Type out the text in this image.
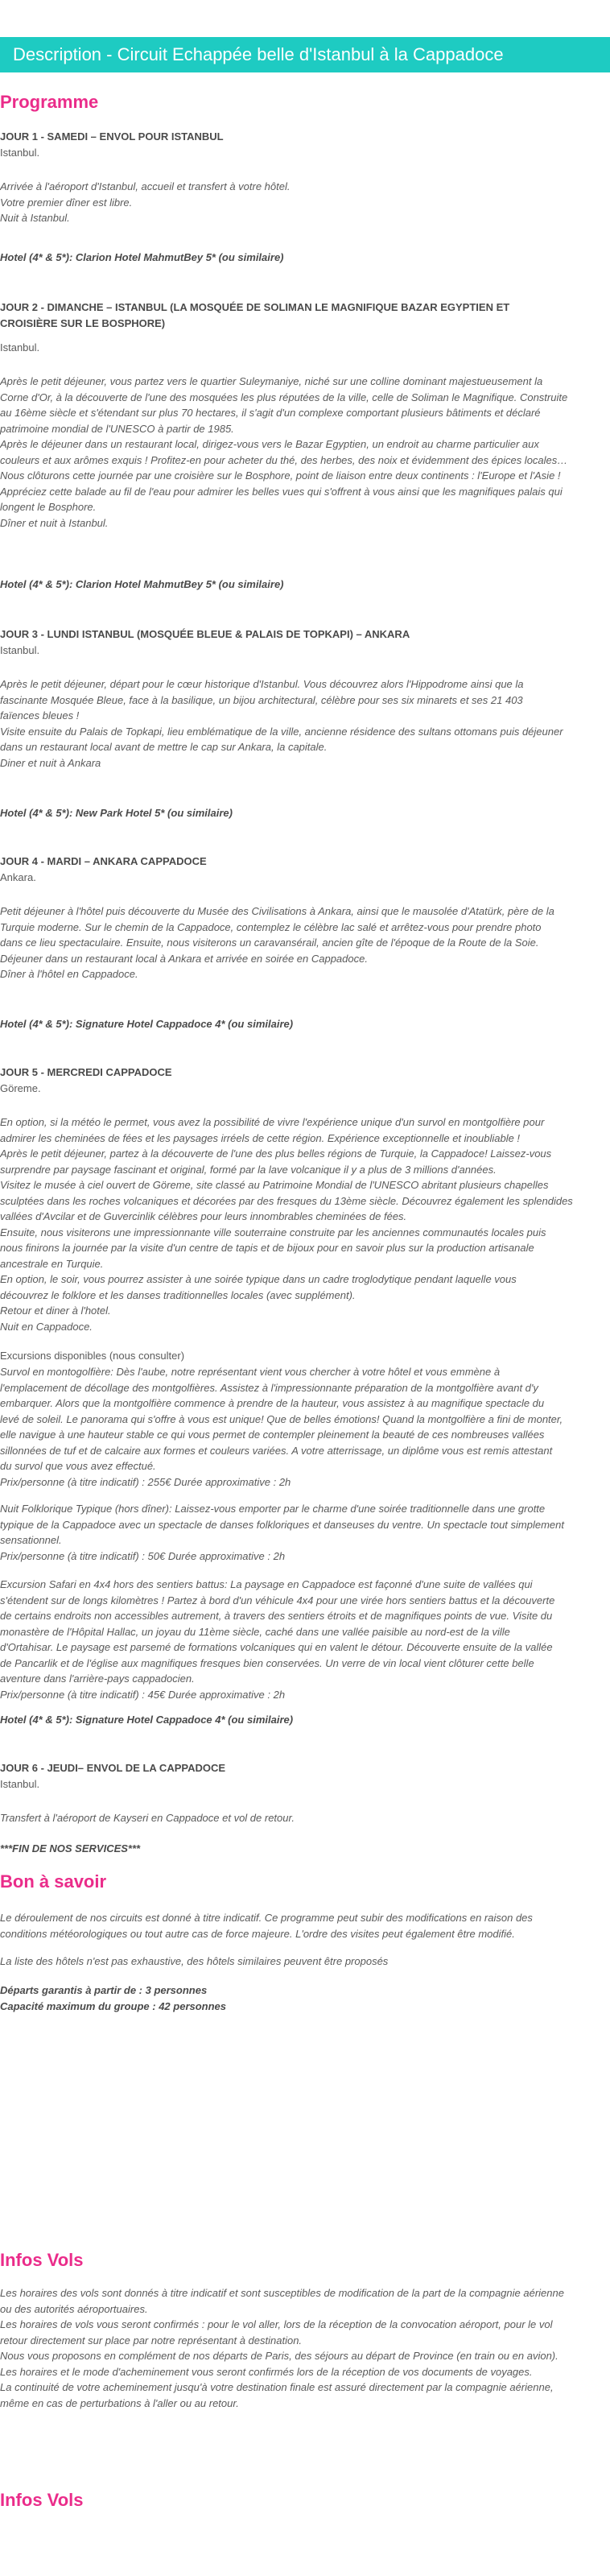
Description - Circuit Echappée belle d'Istanbul à la Cappadoce
Programme
JOUR 1 - SAMEDI – ENVOL POUR ISTANBUL
Istanbul.
Arrivée à l'aéroport d'Istanbul, accueil et transfert à votre hôtel.
Votre premier dîner est libre.
Nuit à Istanbul.
Hotel (4* & 5*): Clarion Hotel MahmutBey 5* (ou similaire)
JOUR 2 - DIMANCHE – ISTANBUL (LA MOSQUÉE DE SOLIMAN LE MAGNIFIQUE BAZAR EGYPTIEN ET
CROISIÈRE SUR LE BOSPHORE)
Istanbul.
Après le petit déjeuner, vous partez vers le quartier Suleymaniye, niché sur une colline dominant majestueusement la
Corne d'Or, à la découverte de l'une des mosquées les plus réputées de la ville, celle de Soliman le Magnifique. Construite
au 16ème siècle et s'étendant sur plus 70 hectares, il s'agit d'un complexe comportant plusieurs bâtiments et déclaré
patrimoine mondial de l'UNESCO à partir de 1985.
Après le déjeuner dans un restaurant local, dirigez-vous vers le Bazar Egyptien, un endroit au charme particulier aux
couleurs et aux arômes exquis ! Profitez-en pour acheter du thé, des herbes, des noix et évidemment des épices locales…
Nous clôturons cette journée par une croisière sur le Bosphore, point de liaison entre deux continents : l'Europe et l'Asie !
Appréciez cette balade au fil de l'eau pour admirer les belles vues qui s'offrent à vous ainsi que les magnifiques palais qui
longent le Bosphore.
Dîner et nuit à Istanbul.
Hotel (4* & 5*): Clarion Hotel MahmutBey 5* (ou similaire)
JOUR 3 - LUNDI ISTANBUL (MOSQUÉE BLEUE & PALAIS DE TOPKAPI) – ANKARA
Istanbul.
Après le petit déjeuner, départ pour le cœur historique d'Istanbul. Vous découvrez alors l'Hippodrome ainsi que la
fascinante Mosquée Bleue, face à la basilique, un bijou architectural, célèbre pour ses six minarets et ses 21 403
faïences bleues !
Visite ensuite du Palais de Topkapi, lieu emblématique de la ville, ancienne résidence des sultans ottomans puis déjeuner
dans un restaurant local avant de mettre le cap sur Ankara, la capitale.
Diner et nuit à Ankara
Hotel (4* & 5*): New Park Hotel 5* (ou similaire)
JOUR 4 - MARDI – ANKARA CAPPADOCE
Ankara.
Petit déjeuner à l'hôtel puis découverte du Musée des Civilisations à Ankara, ainsi que le mausolée d'Atatürk, père de la
Turquie moderne. Sur le chemin de la Cappadoce, contemplez le célèbre lac salé et arrêtez-vous pour prendre photo
dans ce lieu spectaculaire. Ensuite, nous visiterons un caravansérail, ancien gîte de l'époque de la Route de la Soie.
Déjeuner dans un restaurant local à Ankara et arrivée en soirée en Cappadoce.
Dîner à l'hôtel en Cappadoce.
Hotel (4* & 5*): Signature Hotel Cappadoce 4* (ou similaire)
JOUR 5 - MERCREDI CAPPADOCE
Göreme.
En option, si la météo le permet, vous avez la possibilité de vivre l'expérience unique d'un survol en montgolfière pour
admirer les cheminées de fées et les paysages irréels de cette région. Expérience exceptionnelle et inoubliable !
Après le petit déjeuner, partez à la découverte de l'une des plus belles régions de Turquie, la Cappadoce! Laissez-vous
surprendre par paysage fascinant et original, formé par la lave volcanique il y a plus de 3 millions d'années.
Visitez le musée à ciel ouvert de Göreme, site classé au Patrimoine Mondial de l'UNESCO abritant plusieurs chapelles
sculptées dans les roches volcaniques et décorées par des fresques du 13ème siècle. Découvrez également les splendides
vallées d'Avcilar et de Guvercinlik célèbres pour leurs innombrables cheminées de fées.
Ensuite, nous visiterons une impressionnante ville souterraine construite par les anciennes communautés locales puis
nous finirons la journée par la visite d'un centre de tapis et de bijoux pour en savoir plus sur la production artisanale
ancestrale en Turquie.
En option, le soir, vous pourrez assister à une soirée typique dans un cadre troglodytique pendant laquelle vous
découvrez le folklore et les danses traditionnelles locales (avec supplément).
Retour et diner à l'hotel.
Nuit en Cappadoce.
Excursions disponibles (nous consulter)
Survol en montogolfière: Dès l'aube, notre représentant vient vous chercher à votre hôtel et vous emmène à
l'emplacement de décollage des montgolfières. Assistez à l'impressionnante préparation de la montgolfière avant d'y
embarquer. Alors que la montgolfière commence à prendre de la hauteur, vous assistez à au magnifique spectacle du
levé de soleil. Le panorama qui s'offre à vous est unique! Que de belles émotions! Quand la montgolfière a fini de monter,
elle navigue à une hauteur stable ce qui vous permet de contempler pleinement la beauté de ces nombreuses vallées
sillonnées de tuf et de calcaire aux formes et couleurs variées. A votre atterrissage, un diplôme vous est remis attestant
du survol que vous avez effectué.
Prix/personne (à titre indicatif) : 255€ Durée approximative : 2h
Nuit Folklorique Typique (hors dîner): Laissez-vous emporter par le charme d'une soirée traditionnelle dans une grotte
typique de la Cappadoce avec un spectacle de danses folkloriques et danseuses du ventre. Un spectacle tout simplement
sensationnel.
Prix/personne (à titre indicatif) : 50€ Durée approximative : 2h
Excursion Safari en 4x4 hors des sentiers battus: La paysage en Cappadoce est façonné d'une suite de vallées qui
s'étendent sur de longs kilomètres ! Partez à bord d'un véhicule 4x4 pour une virée hors sentiers battus et la découverte
de certains endroits non accessibles autrement, à travers des sentiers étroits et de magnifiques points de vue. Visite du
monastère de l'Hôpital Hallac, un joyau du 11ème siècle, caché dans une vallée paisible au nord-est de la ville
d'Ortahisar. Le paysage est parsemé de formations volcaniques qui en valent le détour. Découverte ensuite de la vallée
de Pancarlik et de l'église aux magnifiques fresques bien conservées. Un verre de vin local vient clôturer cette belle
aventure dans l'arrière-pays cappadocien.
Prix/personne (à titre indicatif) : 45€ Durée approximative : 2h
Hotel (4* & 5*): Signature Hotel Cappadoce 4* (ou similaire)
JOUR 6 - JEUDI– ENVOL DE LA CAPPADOCE
Istanbul.
Transfert à l'aéroport de Kayseri en Cappadoce et vol de retour.
***FIN DE NOS SERVICES***
Bon à savoir
Le déroulement de nos circuits est donné à titre indicatif. Ce programme peut subir des modifications en raison des
conditions météorologiques ou tout autre cas de force majeure. L'ordre des visites peut également être modifié.
La liste des hôtels n'est pas exhaustive, des hôtels similaires peuvent être proposés
Départs garantis à partir de : 3 personnes
Capacité maximum du groupe : 42 personnes
Infos Vols
Les horaires des vols sont donnés à titre indicatif et sont susceptibles de modification de la part de la compagnie aérienne
ou des autorités aéroportuaires.
Les horaires de vols vous seront confirmés : pour le vol aller, lors de la réception de la convocation aéroport, pour le vol
retour directement sur place par notre représentant à destination.
Nous vous proposons en complément de nos départs de Paris, des séjours au départ de Province (en train ou en avion).
Les horaires et le mode d'acheminement vous seront confirmés lors de la réception de vos documents de voyages.
La continuité de votre acheminement jusqu'à votre destination finale est assuré directement par la compagnie aérienne,
même en cas de perturbations à l'aller ou au retour.
Infos Vols
